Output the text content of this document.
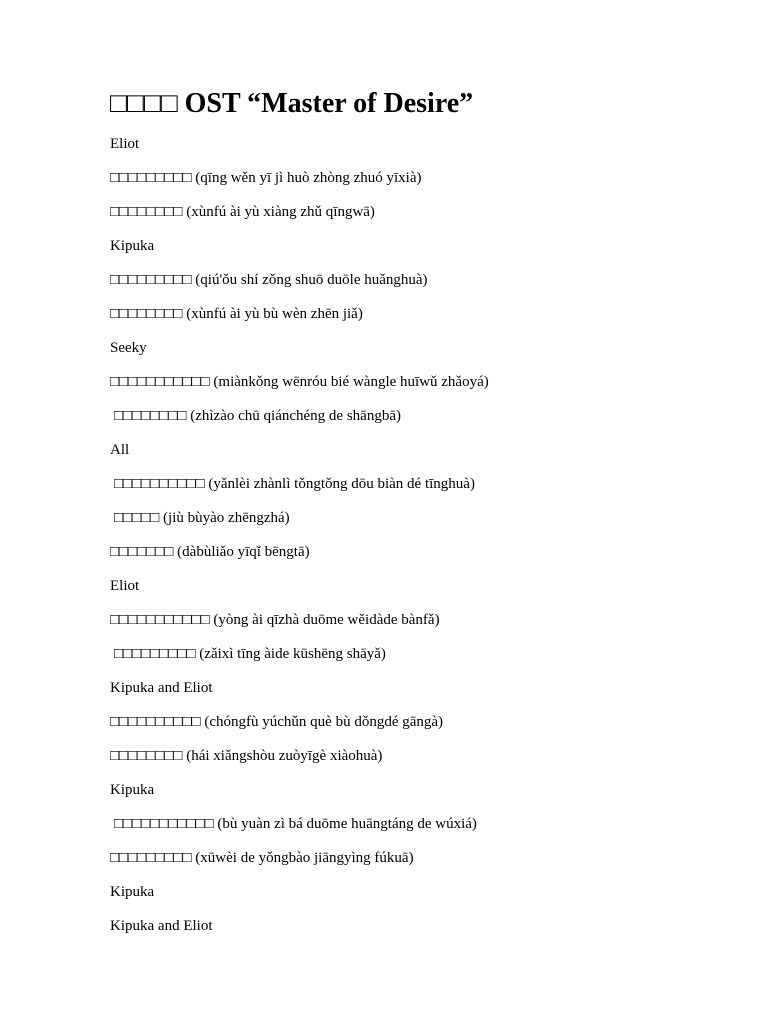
□□□□ OST “Master of Desire”
Eliot
□□□□□□□□□ (qīng wěn yī jì huò zhòng zhuó yīxià)
□□□□□□□□ (xùnfú ài yù xiàng zhǔ qīngwā)
Kipuka
□□□□□□□□□ (qiú'ǒu shí zǒng shuō duōle huǎnghuà)
□□□□□□□□ (xùnfú ài yù bù wèn zhēn jiǎ)
Seeky
□□□□□□□□□□□ (miànkǒng wēnróu bié wàngle huīwǔ zhǎoyá)
□□□□□□□□ (zhìzào chū qiánchéng de shāngbā)
All
□□□□□□□□□□ (yǎnlèi zhànlì tǒngtǒng dōu biàn dé tīnghuà)
□□□□□ (jiù bùyào zhēngzhá)
□□□□□□□ (dàbùliǎo yīqǐ bēngtā)
Eliot
□□□□□□□□□□□ (yòng ài qīzhà duōme wěidàde bànfǎ)
□□□□□□□□□ (zǎixì tīng àide kūshēng shāyǎ)
Kipuka and Eliot
□□□□□□□□□□ (chóngfù yúchǔn què bù dǒngdé gāngà)
□□□□□□□□ (hái xiǎngshòu zuòyīgè xiàohuà)
Kipuka
□□□□□□□□□□□ (bù yuàn zì bá duōme huāngtáng de wúxiá)
□□□□□□□□□ (xūwèi de yǒngbào jiāngyìng fúkuā)
Kipuka
Kipuka and Eliot
